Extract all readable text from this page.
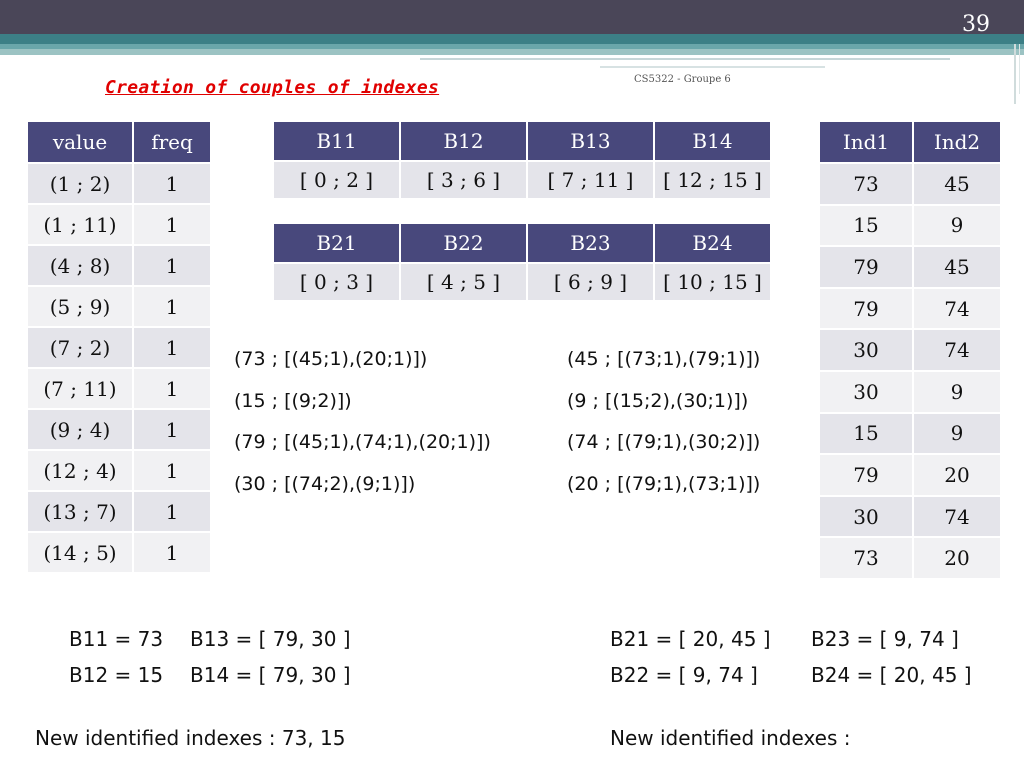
39
CS5322 - Groupe 6
Creation of couples of indexes
value	freq
(1 ; 2)	1
(1 ; 11)	1
(4 ; 8)	1
(5 ; 9)	1
(7 ; 2)	1
(7 ; 11)	1
(9 ; 4)	1
(12 ; 4)	1
(13 ; 7)	1
(14 ; 5)	1
B11	B12	B13	B14
[ 0 ; 2 ]	[ 3 ; 6 ]	[ 7 ; 11 ]	[ 12 ; 15 ]
B21	B22	B23	B24
[ 0 ; 3 ]	[ 4 ; 5 ]	[ 6 ; 9 ]	[ 10 ; 15 ]
Ind1	Ind2
73	45
15	9
79	45
79	74
30	74
30	9
15	9
79	20
30	74
73	20
(73 ; [(45;1),(20;1)])
(15 ; [(9;2)])
(79 ; [(45;1),(74;1),(20;1)])
(30 ; [(74;2),(9;1)])
(45 ; [(73;1),(79;1)])
(9 ; [(15;2),(30;1)])
(74 ; [(79;1),(30;2)])
(20 ; [(79;1),(73;1)])
B11 = 73 B13 = [ 79, 30 ]
B12 = 15 B14 = [ 79, 30 ]
New identified indexes : 73, 15
B21 = [ 20, 45 ] B23 = [ 9, 74 ]
B22 = [ 9, 74 ]	B24 = [ 20, 45 ]
New identified indexes :
